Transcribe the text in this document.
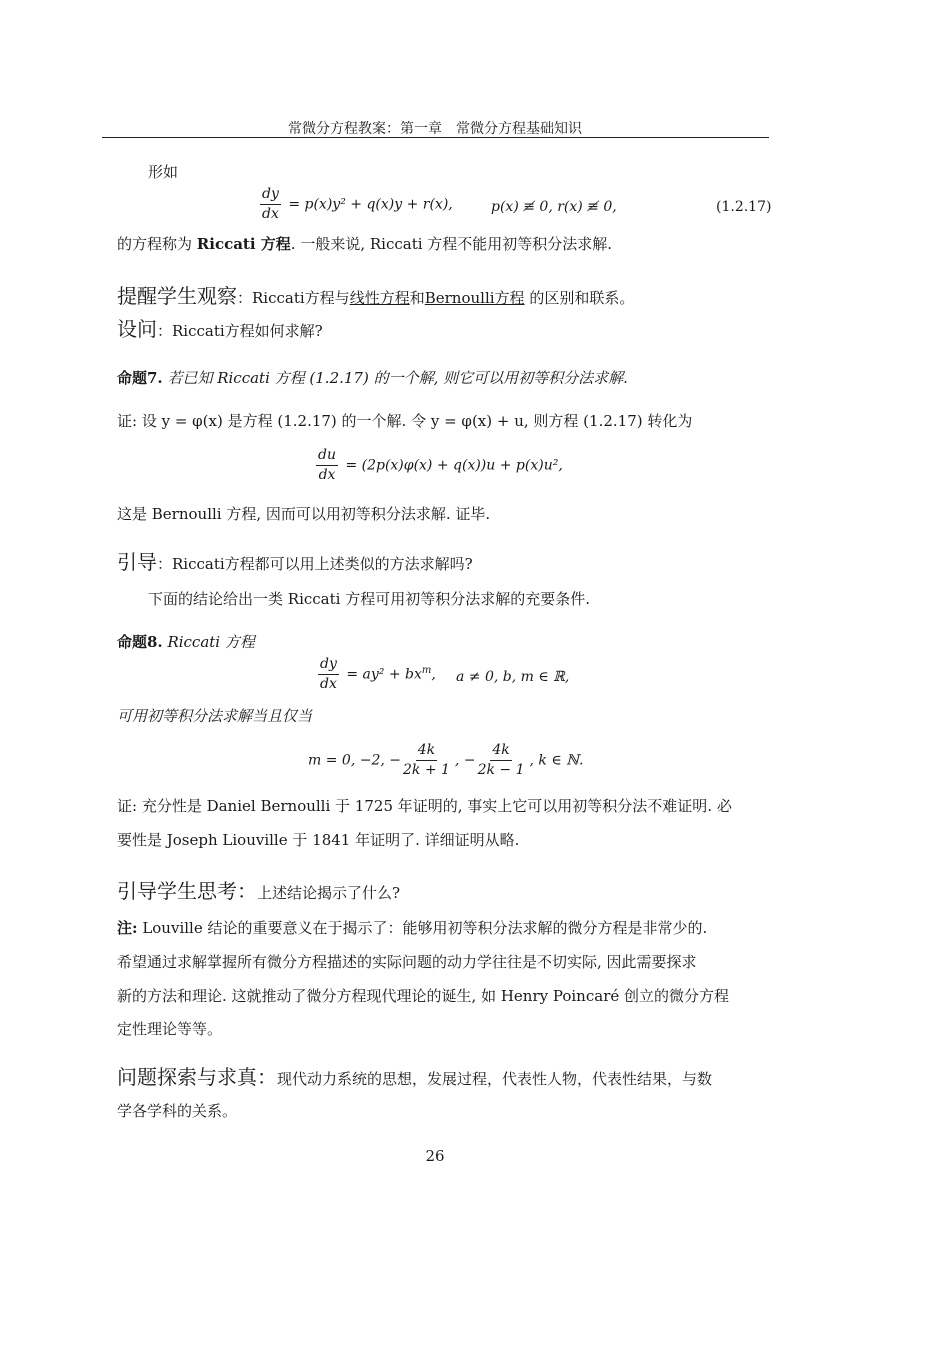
常微分方程教案：第一章　常微分方程基础知识
形如
$\frac{dy}{dx} = p(x)y^2 + q(x)y + r(x)$,	p(x) ≢ 0, r(x) ≢ 0,	(1.2.17)
的方程称为 Riccati 方程. 一般来说, Riccati 方程不能用初等积分法求解.
提醒学生观察：Riccati方程与线性方程和Bernoulli方程 的区别和联系。
设问：Riccati方程如何求解?
命题7. 若已知 Riccati 方程 (1.2.17) 的一个解, 则它可以用初等积分法求解.
证: 设 y = φ(x) 是方程 (1.2.17) 的一个解. 令 y = φ(x) + u, 则方程 (1.2.17) 转化为
$\frac{du}{dx} = (2p(x)\varphi(x) + q(x))u + p(x)u^2$,
这是 Bernoulli 方程, 因而可以用初等积分法求解. 证毕.
引导：Riccati方程都可以用上述类似的方法求解吗?
下面的结论给出一类 Riccati 方程可用初等积分法求解的充要条件.
命题8. Riccati 方程
$\frac{dy}{dx} = ay^2 + bx^m$, a ≠ 0, b, m ∈ ℝ,
可用初等积分法求解当且仅当
m = 0, −2, − $\frac{4k}{2k + 1}$ , − $\frac{4k}{2k - 1}$ , k ∈ ℕ.
证: 充分性是 Daniel Bernoulli 于 1725 年证明的, 事实上它可以用初等积分法不难证明. 必
要性是 Joseph Liouville 于 1841 年证明了. 详细证明从略.
引导学生思考：上述结论揭示了什么?
注: Louville 结论的重要意义在于揭示了：能够用初等积分法求解的微分方程是非常少的.
希望通过求解掌握所有微分方程描述的实际问题的动力学往往是不切实际, 因此需要探求
新的方法和理论. 这就推动了微分方程现代理论的诞生, 如 Henry Poincaré 创立的微分方程
定性理论等等。
问题探索与求真：现代动力系统的思想，发展过程，代表性人物，代表性结果，与数
学各学科的关系。
26
